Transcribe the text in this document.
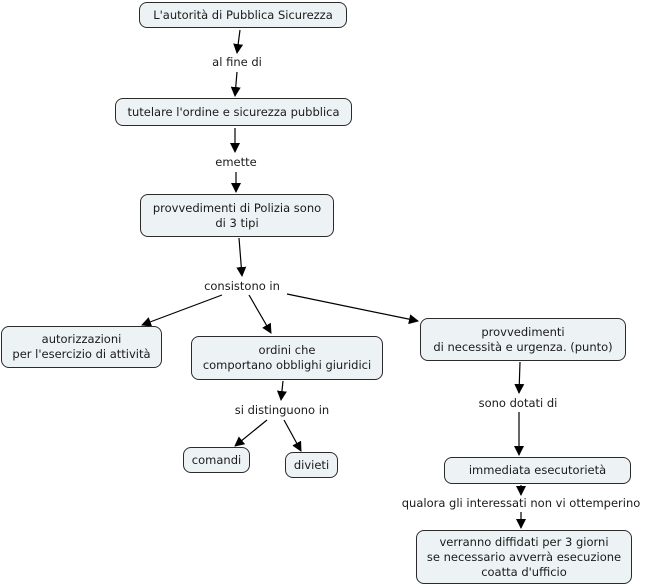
L'autorità di Pubblica Sicurezza
tutelare l'ordine e sicurezza pubblica
provvedimenti di Polizia sono
di 3 tipi
autorizzazioni
per l'esercizio di attività	ordini che
comportano obblighi giuridici
provvedimenti
di necessità e urgenza. (punto)
comandi	divieti	immediata esecutorietà
verranno diffidati per 3 giorni
se necessario avverrà esecuzione
coatta d'ufficio
al fine di
emette
consistono in
si distinguono in	sono dotati di
qualora gli interessati non vi ottemperino
